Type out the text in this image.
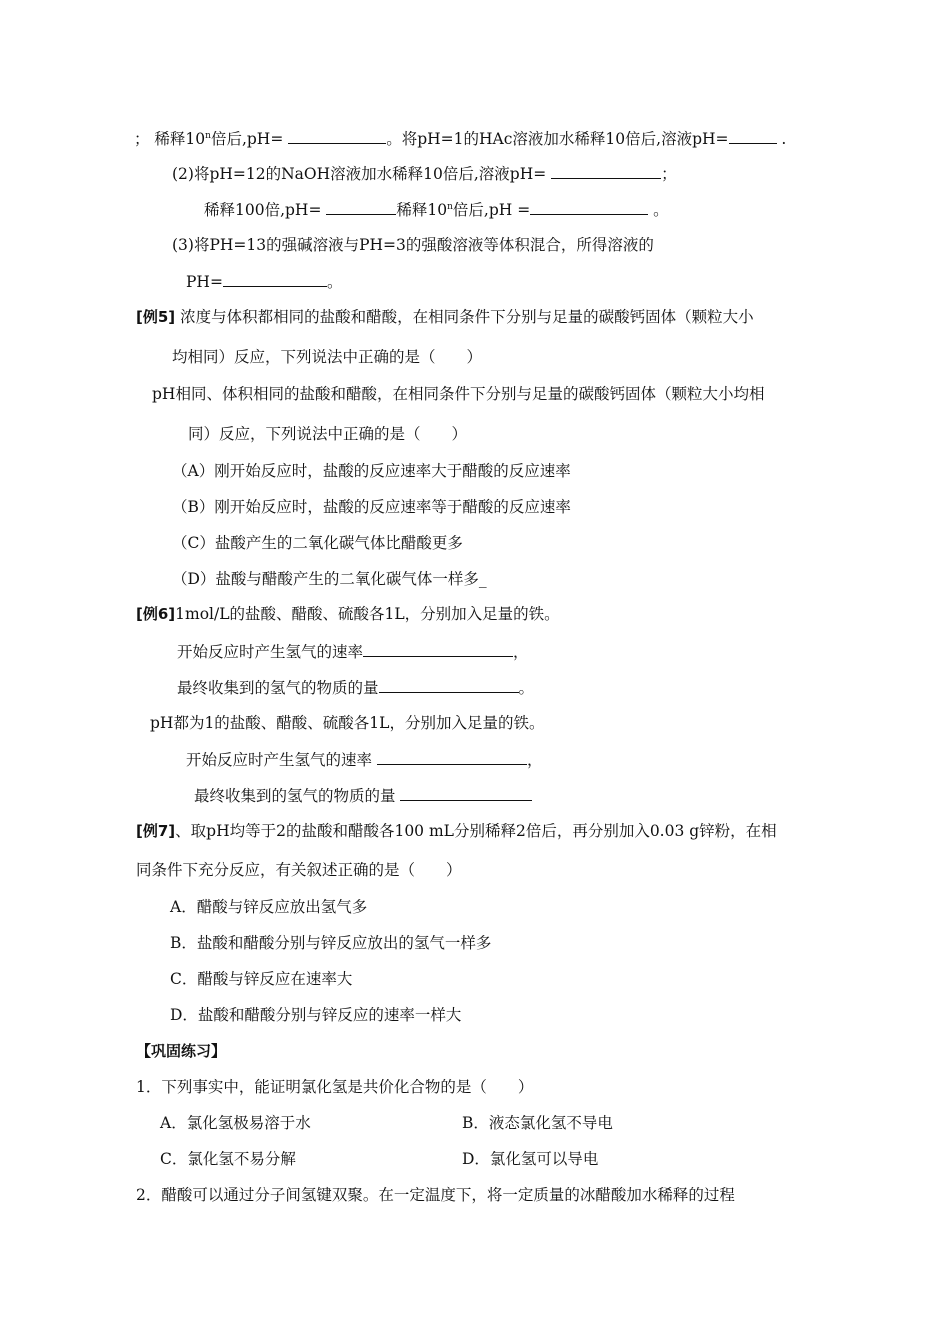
； 稀释10$^n$倍后,pH=	。将pH=1的HAc溶液加水稀释10倍后,溶液pH=	.
(2)将pH=12的NaOH溶液加水稀释10倍后,溶液pH=	；
稀释100倍,pH=	稀释10$^n$倍后,pH =	。
(3)将PH=13的强碱溶液与PH=3的强酸溶液等体积混合，所得溶液的
PH=	。
[例5] 浓度与体积都相同的盐酸和醋酸，在相同条件下分别与足量的碳酸钙固体（颗粒大小
均相同）反应，下列说法中正确的是（　　）
pH相同、体积相同的盐酸和醋酸，在相同条件下分别与足量的碳酸钙固体（颗粒大小均相
同）反应，下列说法中正确的是（　　）
（A）刚开始反应时，盐酸的反应速率大于醋酸的反应速率
（B）刚开始反应时，盐酸的反应速率等于醋酸的反应速率
（C）盐酸产生的二氧化碳气体比醋酸更多
（D）盐酸与醋酸产生的二氧化碳气体一样多_
[例6]1mol/L的盐酸、醋酸、硫酸各1L，分别加入足量的铁。
开始反应时产生氢气的速率	，
最终收集到的氢气的物质的量	。
pH都为1的盐酸、醋酸、硫酸各1L，分别加入足量的铁。
开始反应时产生氢气的速率	，
最终收集到的氢气的物质的量
[例7]、取pH均等于2的盐酸和醋酸各100 mL分别稀释2倍后，再分别加入0.03 g锌粉，在相
同条件下充分反应，有关叙述正确的是（　　）
A．醋酸与锌反应放出氢气多
B．盐酸和醋酸分别与锌反应放出的氢气一样多
C．醋酸与锌反应在速率大
D．盐酸和醋酸分别与锌反应的速率一样大
【巩固练习】
1．下列事实中，能证明氯化氢是共价化合物的是（　　）
A．氯化氢极易溶于水	B．液态氯化氢不导电
C．氯化氢不易分解	D．氯化氢可以导电
2．醋酸可以通过分子间氢键双聚。在一定温度下，将一定质量的冰醋酸加水稀释的过程
